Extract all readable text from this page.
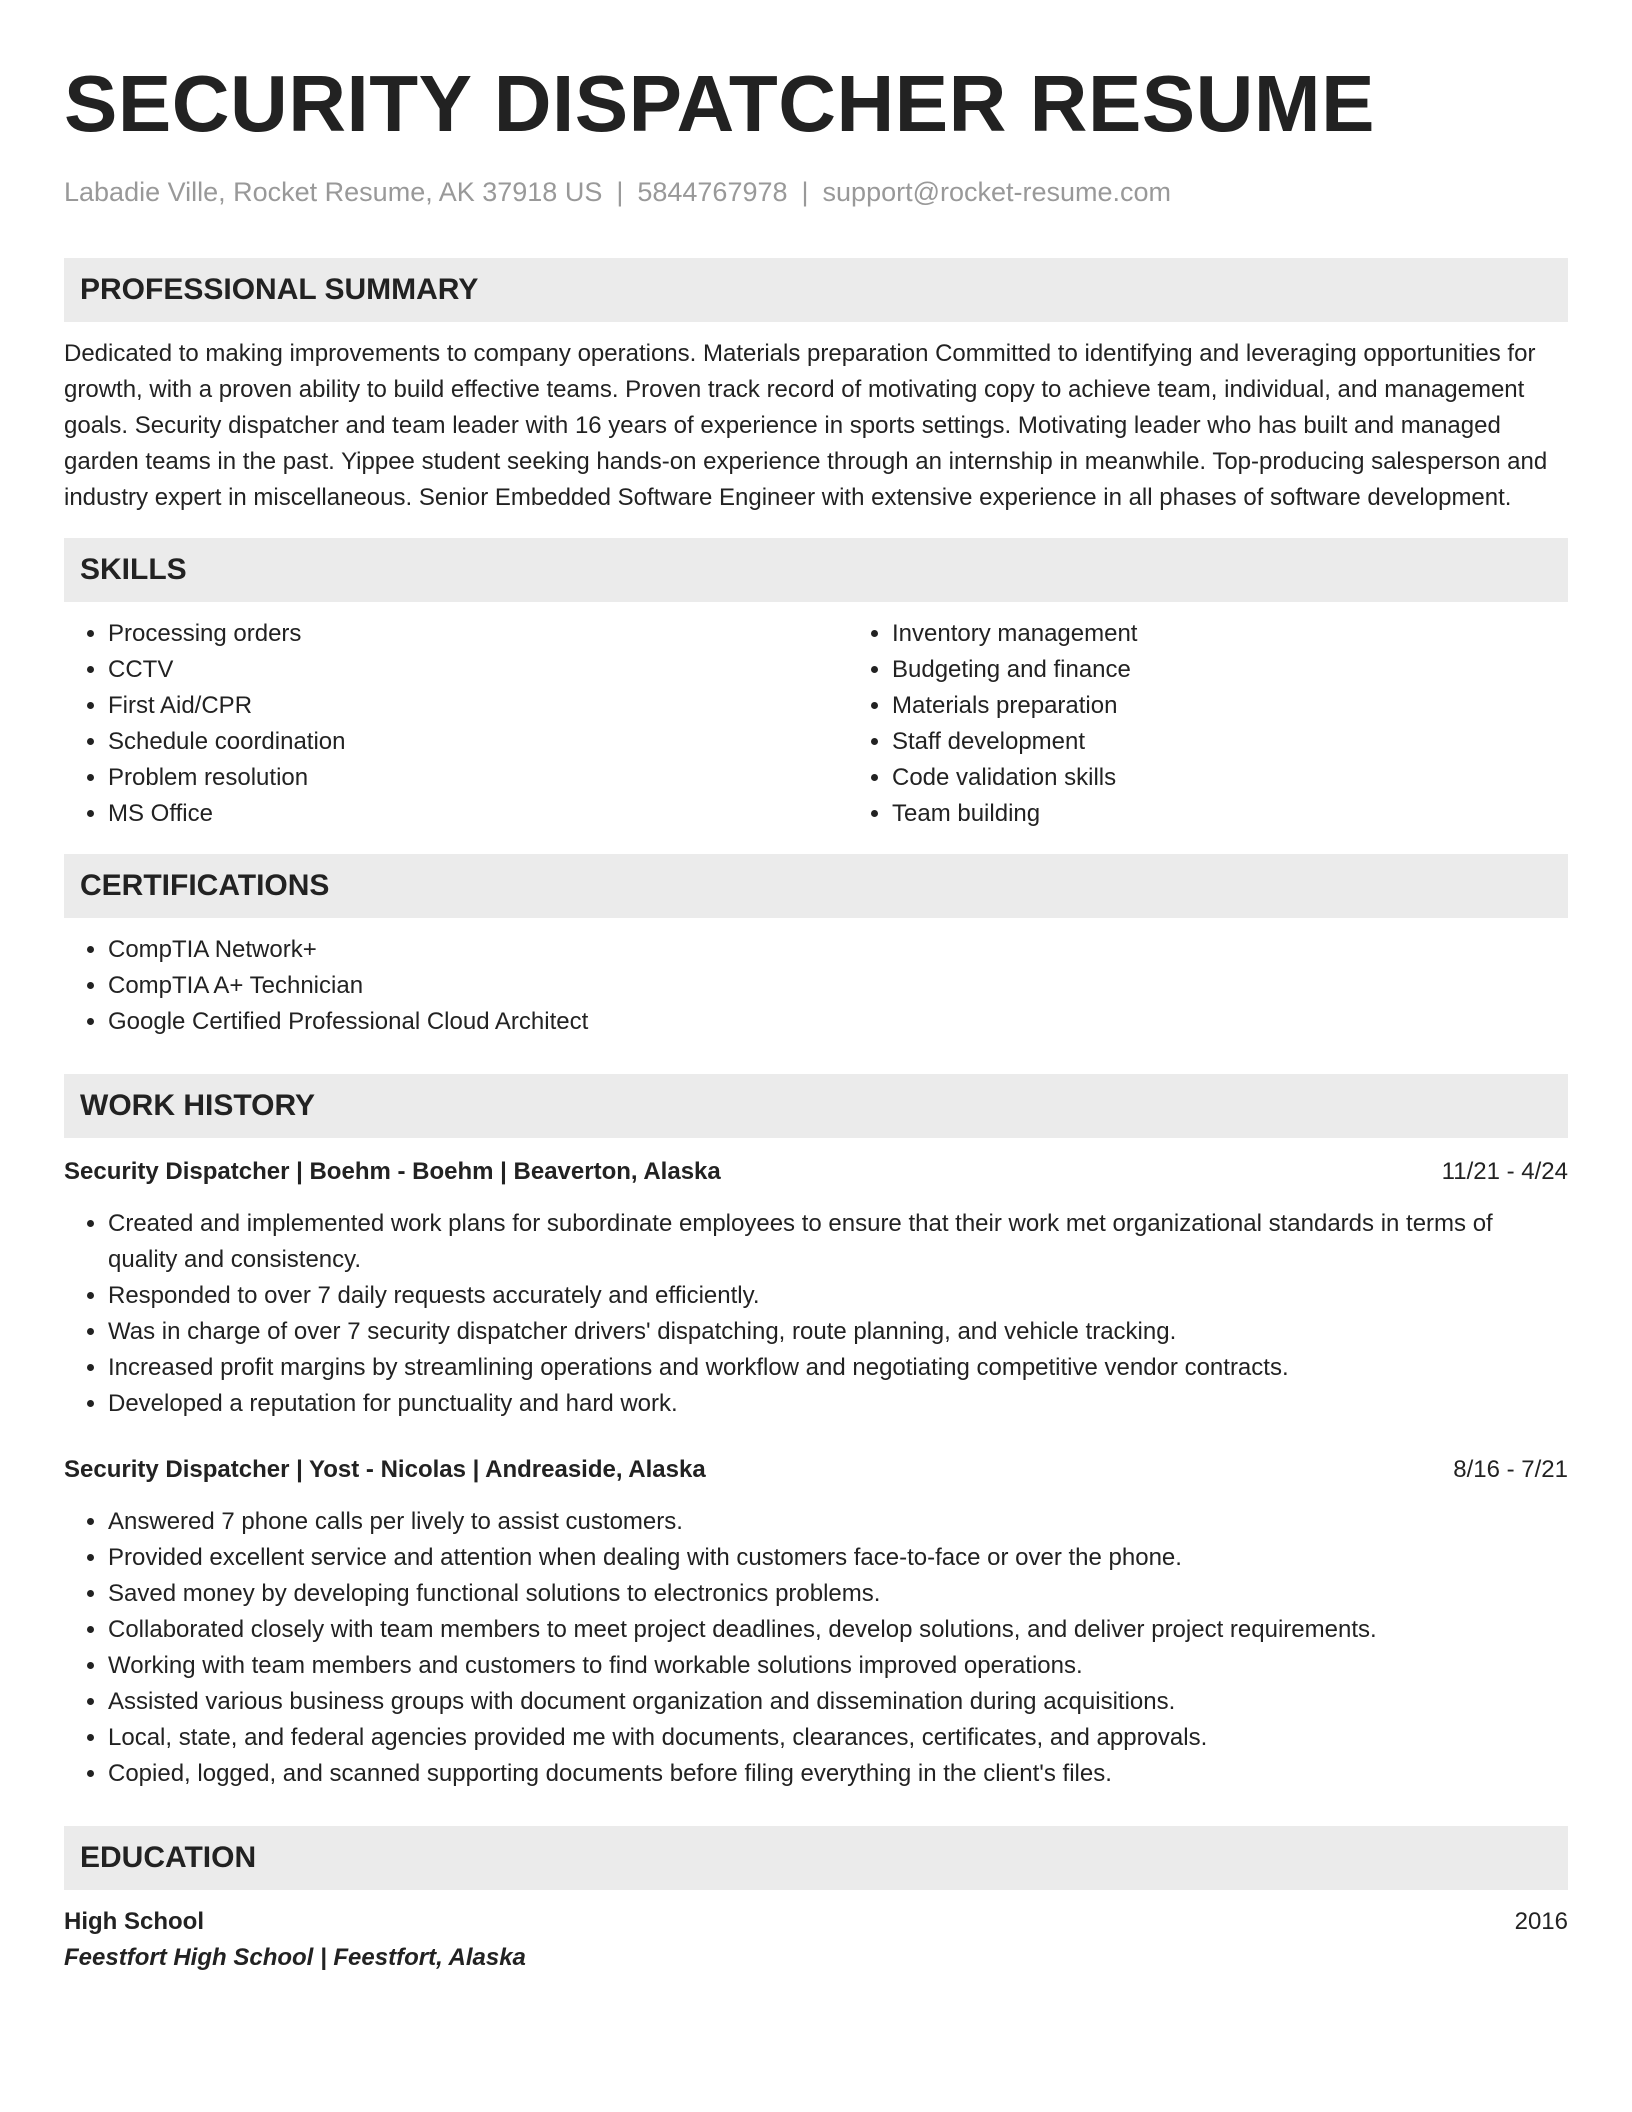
SECURITY DISPATCHER RESUME
Labadie Ville, Rocket Resume, AK 37918 US | 5844767978 | support@rocket-resume.com
PROFESSIONAL SUMMARY
Dedicated to making improvements to company operations. Materials preparation Committed to identifying and leveraging opportunities for growth, with a proven ability to build effective teams. Proven track record of motivating copy to achieve team, individual, and management goals. Security dispatcher and team leader with 16 years of experience in sports settings. Motivating leader who has built and managed garden teams in the past. Yippee student seeking hands-on experience through an internship in meanwhile. Top-producing salesperson and industry expert in miscellaneous. Senior Embedded Software Engineer with extensive experience in all phases of software development.
SKILLS
• Processing orders
• CCTV
• First Aid/CPR
• Schedule coordination
• Problem resolution
• MS Office
• Inventory management
• Budgeting and finance
• Materials preparation
• Staff development
• Code validation skills
• Team building
CERTIFICATIONS
• CompTIA Network+
• CompTIA A+ Technician
• Google Certified Professional Cloud Architect
WORK HISTORY
Security Dispatcher | Boehm - Boehm | Beaverton, Alaska	11/21 - 4/24
• Created and implemented work plans for subordinate employees to ensure that their work met organizational standards in terms of quality and consistency.
• Responded to over 7 daily requests accurately and efficiently.
• Was in charge of over 7 security dispatcher drivers' dispatching, route planning, and vehicle tracking.
• Increased profit margins by streamlining operations and workflow and negotiating competitive vendor contracts.
• Developed a reputation for punctuality and hard work.
Security Dispatcher | Yost - Nicolas | Andreaside, Alaska	8/16 - 7/21
• Answered 7 phone calls per lively to assist customers.
• Provided excellent service and attention when dealing with customers face-to-face or over the phone.
• Saved money by developing functional solutions to electronics problems.
• Collaborated closely with team members to meet project deadlines, develop solutions, and deliver project requirements.
• Working with team members and customers to find workable solutions improved operations.
• Assisted various business groups with document organization and dissemination during acquisitions.
• Local, state, and federal agencies provided me with documents, clearances, certificates, and approvals.
• Copied, logged, and scanned supporting documents before filing everything in the client's files.
EDUCATION
High School	2016
Feestfort High School | Feestfort, Alaska
